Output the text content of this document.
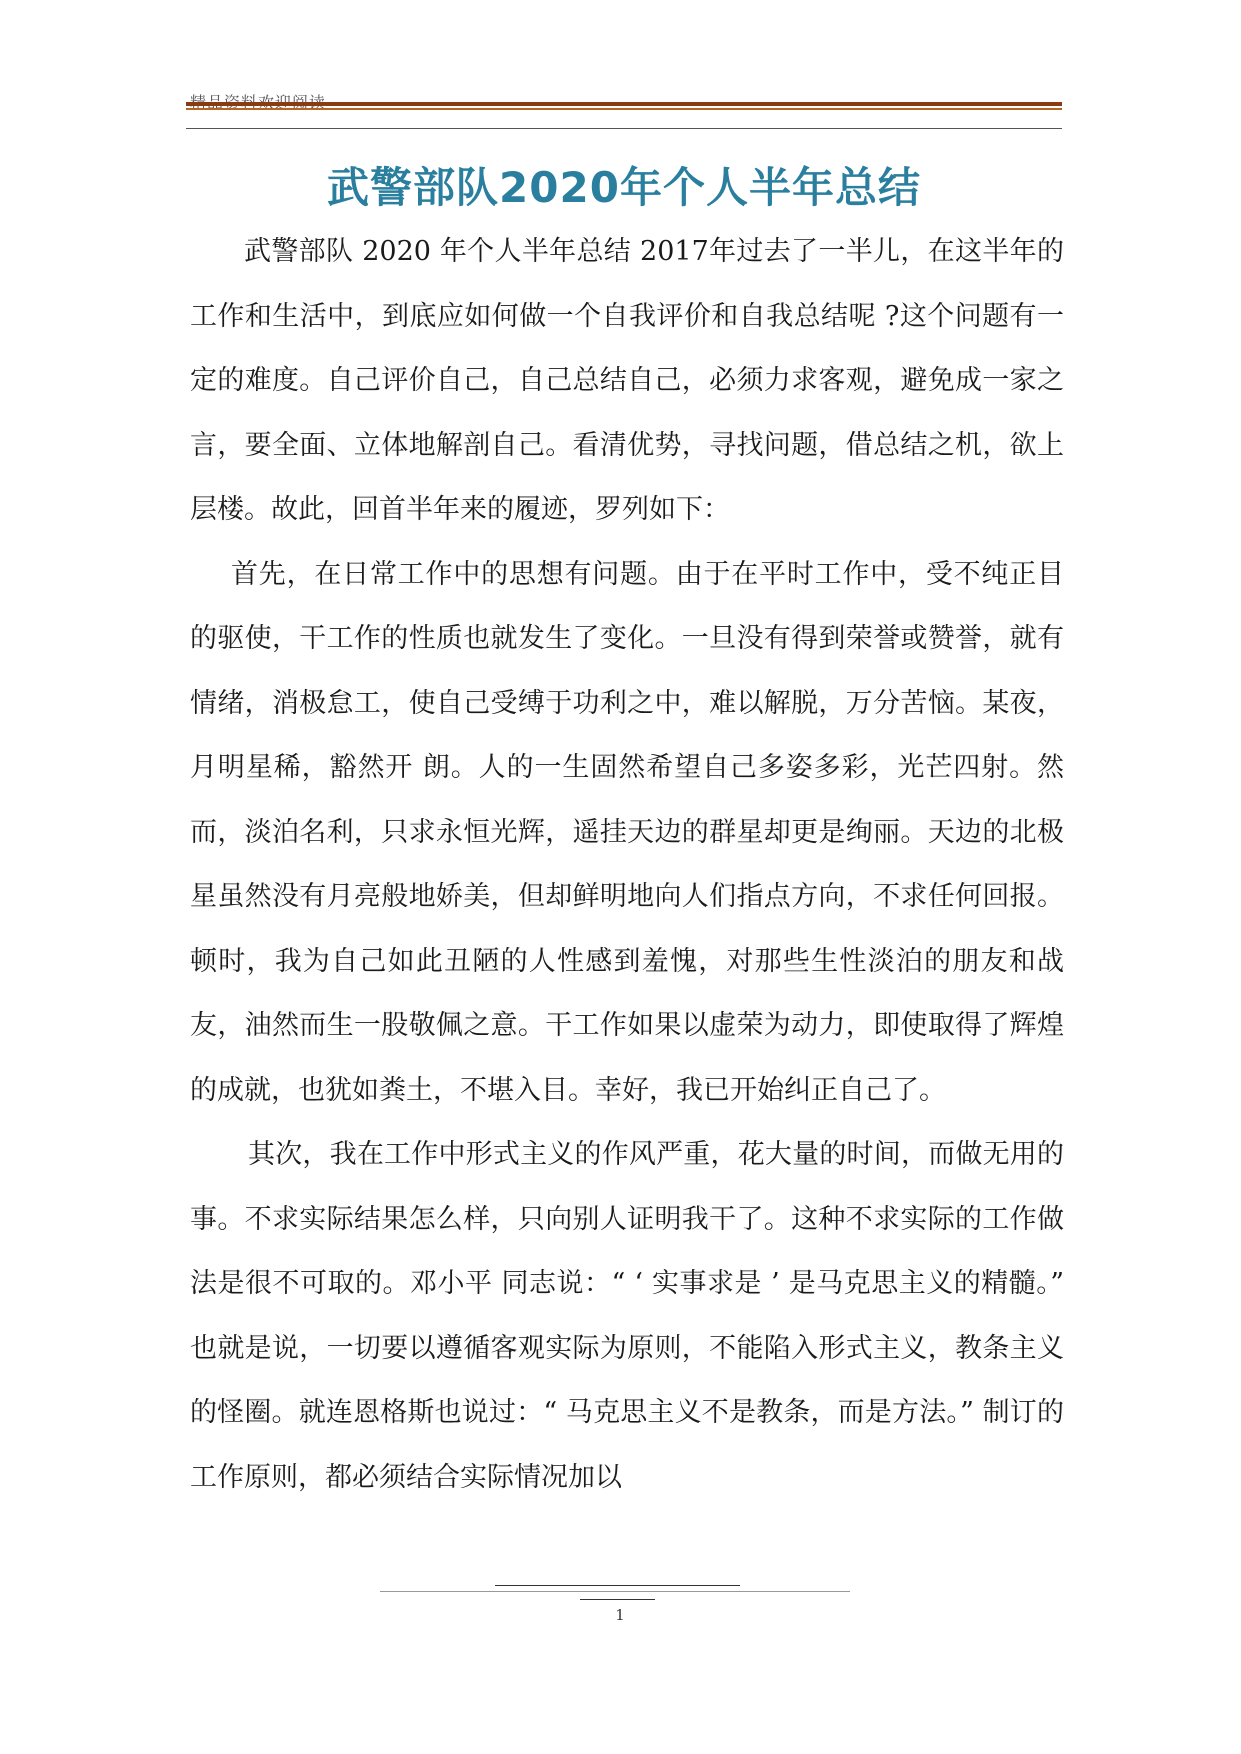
武警部队2020年个人半年总结

武警部队 2020 年个人半年总结 2017年过去了一半儿，在这半年的工作和生活中，到底应如何做一个自我评价和自我总结呢 ?这个问题有一定的难度。自己评价自己，自己总结自己，必须力求客观，避免成一家之言，要全面、立体地解剖自己。看清优势，寻找问题，借总结之机，欲上层楼。故此，回首半年来的履迹，罗列如下：

首先，在日常工作中的思想有问题。由于在平时工作中，受不纯正目的驱使，干工作的性质也就发生了变化。一旦没有得到荣誉或赞誉，就有情绪，消极怠工，使自己受缚于功利之中，难以解脱，万分苦恼。某夜，月明星稀，豁然开 朗。人的一生固然希望自己多姿多彩，光芒四射。然而，淡泊名利，只求永恒光辉，遥挂天边的群星却更是绚丽。天边的北极星虽然没有月亮般地娇美，但却鲜明地向人们指点方向，不求任何回报。顿时，我为自己如此丑陋的人性感到羞愧，对那些生性淡泊的朋友和战友，油然而生一股敬佩之意。干工作如果以虚荣为动力，即使取得了辉煌的成就，也犹如粪土，不堪入目。幸好，我已开始纠正自己了。

其次，我在工作中形式主义的作风严重，花大量的时间，而做无用的事。不求实际结果怎么样，只向别人证明我干了。这种不求实际的工作做法是很不可取的。邓小平 同志说：“ ‘ 实事求是 ’ 是马克思主义的精髓。” 也就是说，一切要以遵循客观实际为原则，不能陷入形式主义，教条主义的怪圈。就连恩格斯也说过：“ 马克思主义不是教条，而是方法。” 制订的工作原则，都必须结合实际情况加以

1
